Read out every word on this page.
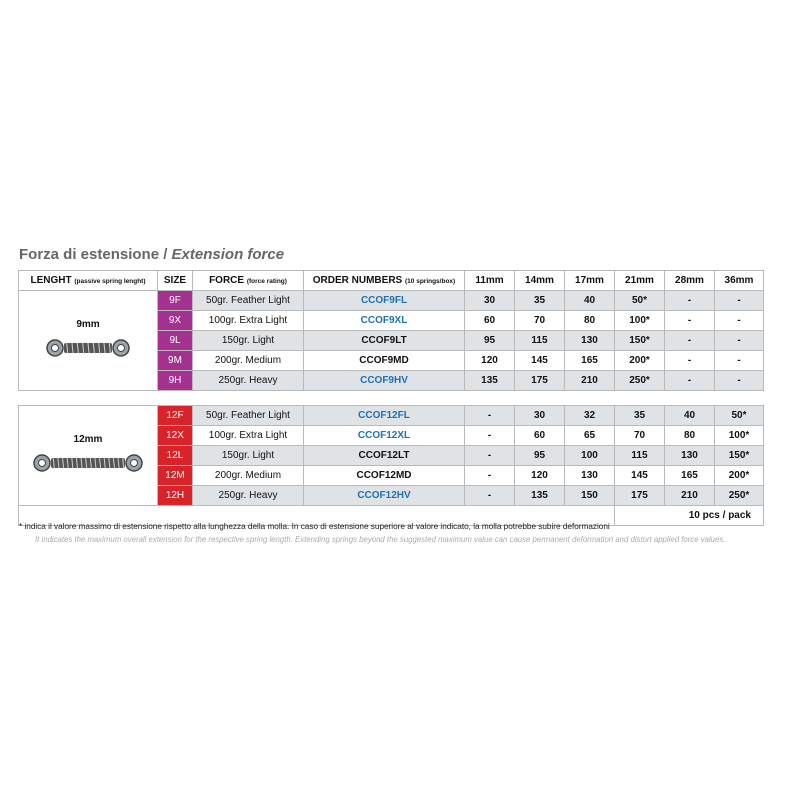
Forza di estensione / Extension force
LENGHT (passive spring lenght)	SIZE	FORCE (force rating)	ORDER NUMBERS (10 springs/box)	11mm	14mm	17mm	21mm	28mm	36mm

9mm	9F	50gr. Feather Light	CCOF9FL	30	35	40	50*	-	-
	9X	100gr. Extra Light	CCOF9XL	60	70	80	100*	-	-
	9L	150gr. Light	CCOF9LT	95	115	130	150*	-	-
	9M	200gr. Medium	CCOF9MD	120	145	165	200*	-	-
	9H	250gr. Heavy	CCOF9HV	135	175	210	250*	-	-

12mm	12F	50gr. Feather Light	CCOF12FL	-	30	32	35	40	50*
	12X	100gr. Extra Light	CCOF12XL	-	60	65	70	80	100*
	12L	150gr. Light	CCOF12LT	-	95	100	115	130	150*
	12M	200gr. Medium	CCOF12MD	-	120	130	145	165	200*
	12H	250gr. Heavy	CCOF12HV	-	135	150	175	210	250*
							10 pcs / pack		
* indica il valore massimo di estensione rispetto alla lunghezza della molla. In caso di estensione superiore al valore indicato, la molla potrebbe subire deformazioni
It indicates the maximum overall extension for the respective spring length. Extending springs beyond the suggested maximum value can cause permanent deformation and distort applied force values.
